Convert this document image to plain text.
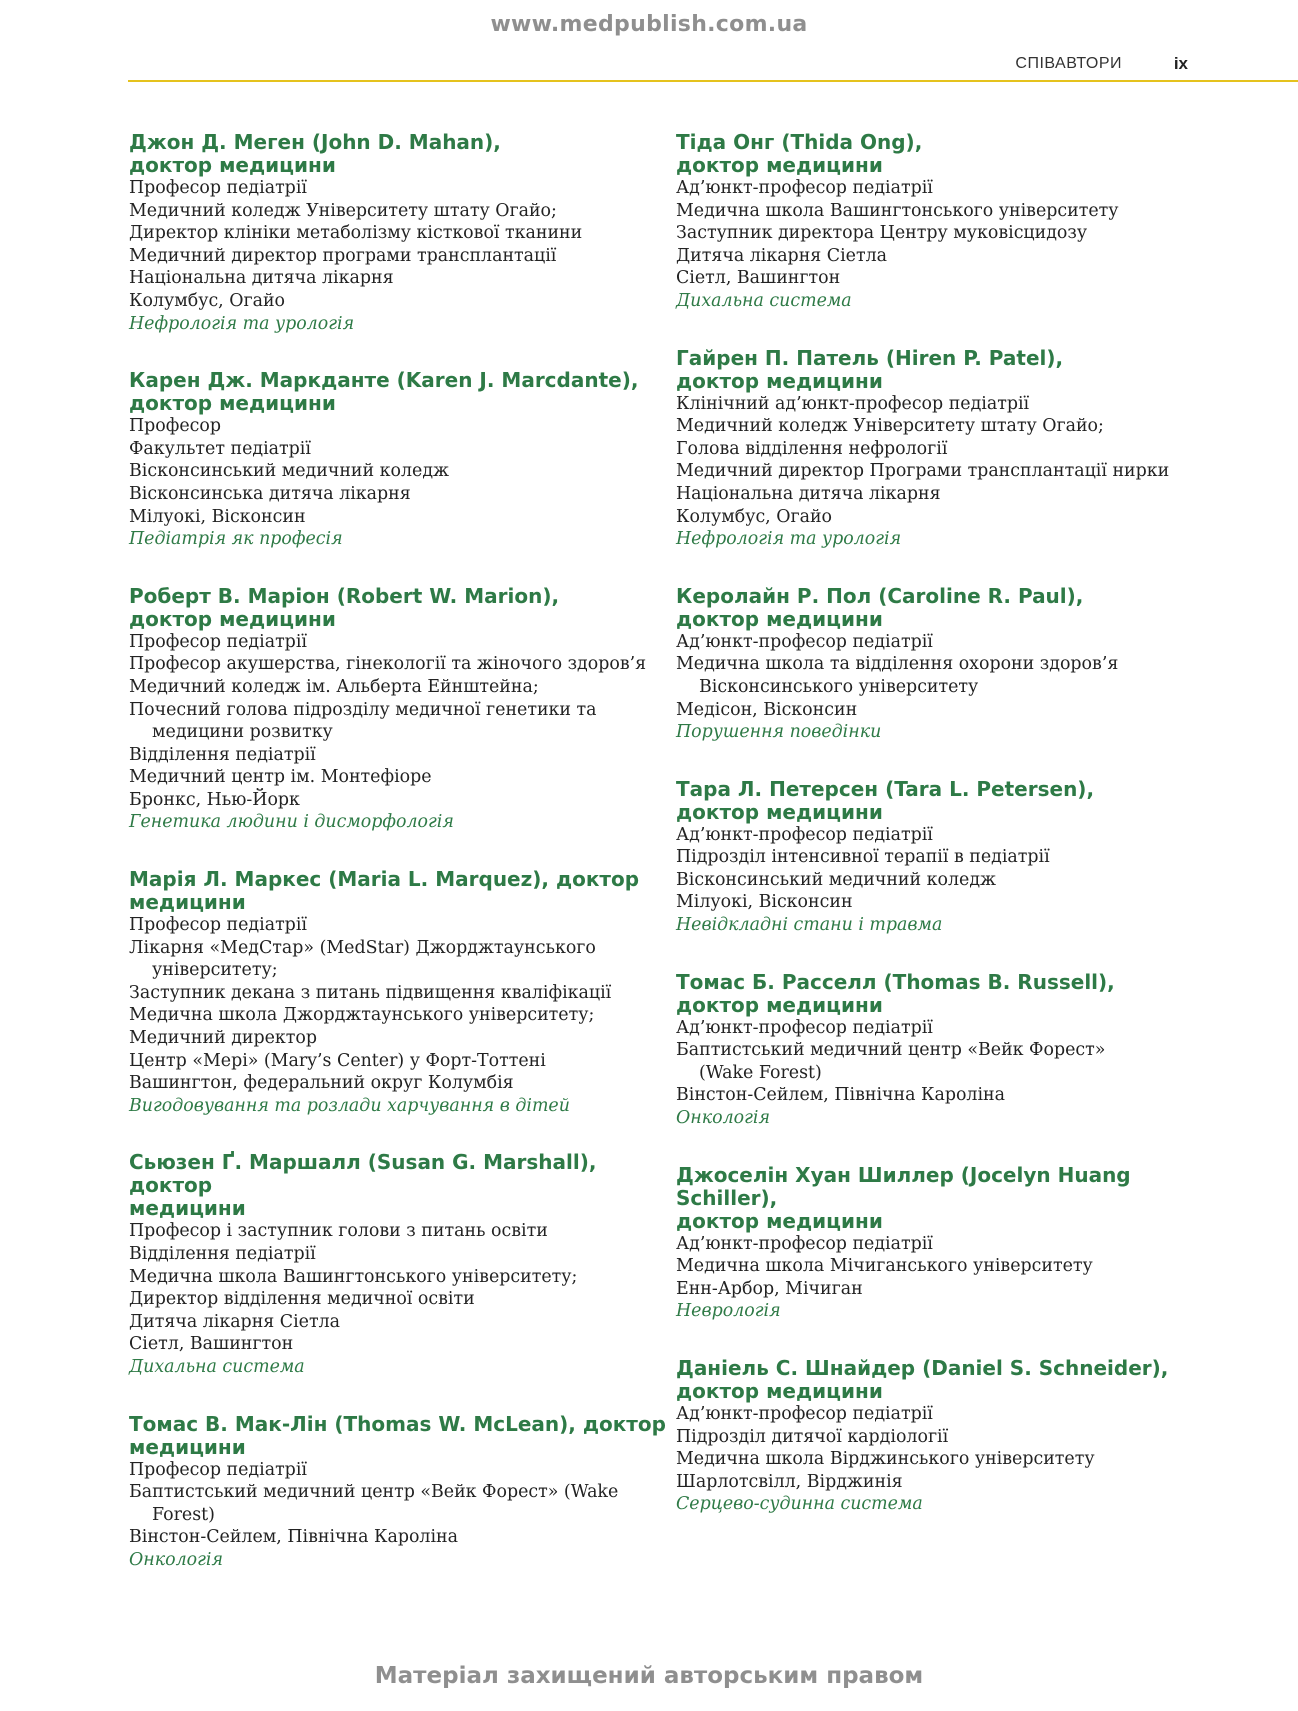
www.medpublish.com.ua
СПІВАВТОРИ	ix
Джон Д. Меген (John D. Mahan),
доктор медицини
Професор педіатрії
Медичний коледж Університету штату Огайо;
Директор клініки метаболізму кісткової тканини
Медичний директор програми трансплантації
Національна дитяча лікарня
Колумбус, Огайо
Нефрологія та урологія
Карен Дж. Маркданте (Karen J. Marcdante),
доктор медицини
Професор
Факультет педіатрії
Вісконсинський медичний коледж
Вісконсинська дитяча лікарня
Мілуокі, Вісконсин
Педіатрія як професія
Роберт В. Маріон (Robert W. Marion),
доктор медицини
Професор педіатрії
Професор акушерства, гінекології та жіночого здоров’я
Медичний коледж ім. Альберта Ейнштейна;
Почесний голова підрозділу медичної генетики та
медицини розвитку
Відділення педіатрії
Медичний центр ім. Монтефіоре
Бронкс, Нью-Йорк
Генетика людини і дисморфологія
Марія Л. Маркес (Maria L. Marquez), доктор
медицини
Професор педіатрії
Лікарня «МедСтар» (MedStar) Джорджтаунського
університету;
Заступник декана з питань підвищення кваліфікації
Медична школа Джорджтаунського університету;
Медичний директор
Центр «Мері» (Mary’s Center) у Форт-Тоттені
Вашингтон, федеральний округ Колумбія
Вигодовування та розлади харчування в дітей
Сьюзен Ґ. Маршалл (Susan G. Marshall), доктор
медицини
Професор і заступник голови з питань освіти
Відділення педіатрії
Медична школа Вашингтонського університету;
Директор відділення медичної освіти
Дитяча лікарня Сіетла
Сіетл, Вашингтон
Дихальна система
Томас В. Мак-Лін (Thomas W. McLean), доктор
медицини
Професор педіатрії
Баптистський медичний центр «Вейк Форест» (Wake
Forest)
Вінстон-Сейлем, Північна Кароліна
Онкологія
Тіда Онг (Thida Ong),
доктор медицини
Ад’юнкт-професор педіатрії
Медична школа Вашингтонського університету
Заступник директора Центру муковісцидозу
Дитяча лікарня Сіетла
Сіетл, Вашингтон
Дихальна система
Гайрен П. Патель (Hiren P. Patel),
доктор медицини
Клінічний ад’юнкт-професор педіатрії
Медичний коледж Університету штату Огайо;
Голова відділення нефрології
Медичний директор Програми трансплантації нирки
Національна дитяча лікарня
Колумбус, Огайо
Нефрологія та урологія
Керолайн Р. Пол (Caroline R. Paul),
доктор медицини
Ад’юнкт-професор педіатрії
Медична школа та відділення охорони здоров’я
Вісконсинського університету
Медісон, Вісконсин
Порушення поведінки
Тара Л. Петерсен (Tara L. Petersen),
доктор медицини
Ад’юнкт-професор педіатрії
Підрозділ інтенсивної терапії в педіатрії
Вісконсинський медичний коледж
Мілуокі, Вісконсин
Невідкладні стани і травма
Томас Б. Расселл (Thomas B. Russell),
доктор медицини
Ад’юнкт-професор педіатрії
Баптистський медичний центр «Вейк Форест»
(Wake Forest)
Вінстон-Сейлем, Північна Кароліна
Онкологія
Джоселін Хуан Шиллер (Jocelyn Huang Schiller),
доктор медицини
Ад’юнкт-професор педіатрії
Медична школа Мічиганського університету
Енн-Арбор, Мічиган
Неврологія
Даніель С. Шнайдер (Daniel S. Schneider),
доктор медицини
Ад’юнкт-професор педіатрії
Підрозділ дитячої кардіології
Медична школа Вірджинського університету
Шарлотсвілл, Вірджинія
Серцево-судинна система
Матеріал захищений авторським правом
